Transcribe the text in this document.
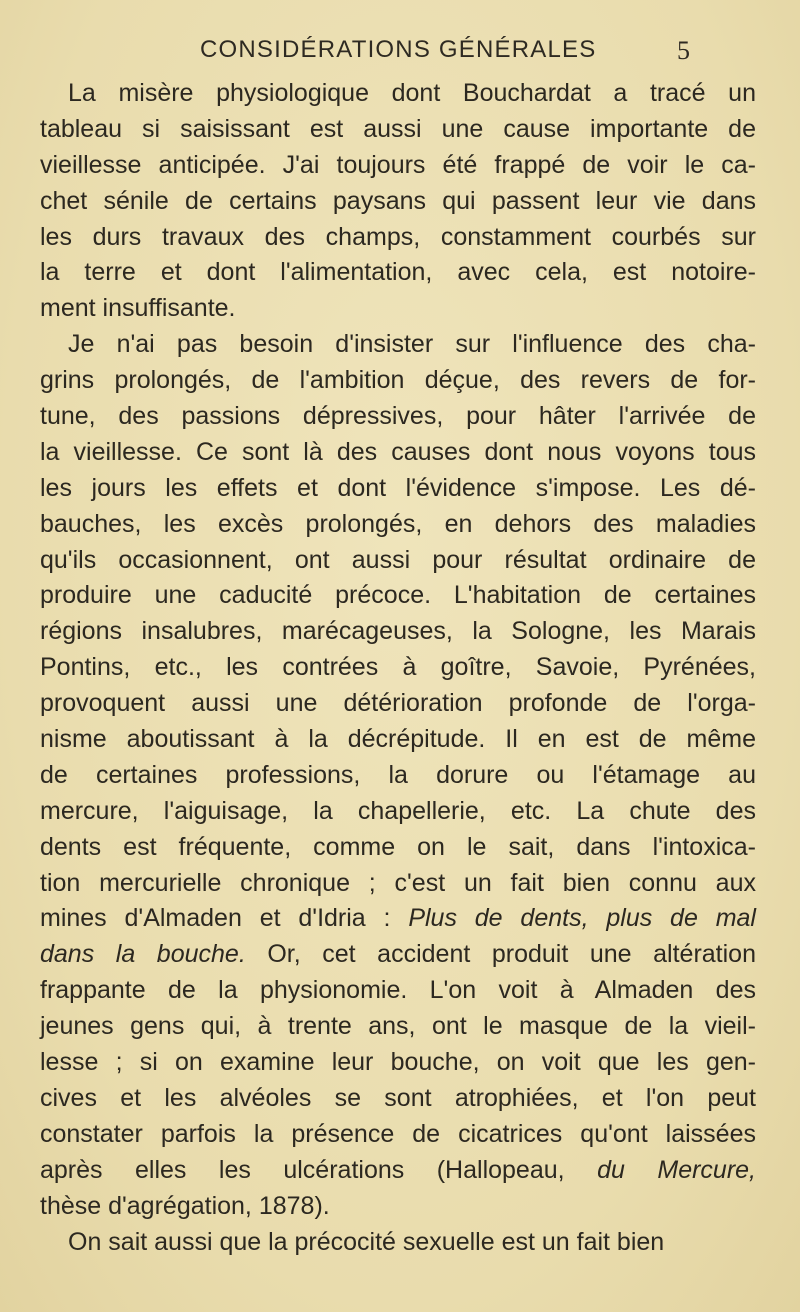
CONSIDÉRATIONS GÉNÉRALES	5
La misère physiologique dont Bouchardat a tracé un
tableau si saisissant est aussi une cause importante de
vieillesse anticipée. J'ai toujours été frappé de voir le ca-
chet sénile de certains paysans qui passent leur vie dans
les durs travaux des champs, constamment courbés sur
la terre et dont l'alimentation, avec cela, est notoire-
ment insuffisante.
Je n'ai pas besoin d'insister sur l'influence des cha-
grins prolongés, de l'ambition déçue, des revers de for-
tune, des passions dépressives, pour hâter l'arrivée de
la vieillesse. Ce sont là des causes dont nous voyons tous
les jours les effets et dont l'évidence s'impose. Les dé-
bauches, les excès prolongés, en dehors des maladies
qu'ils occasionnent, ont aussi pour résultat ordinaire de
produire une caducité précoce. L'habitation de certaines
régions insalubres, marécageuses, la Sologne, les Marais
Pontins, etc., les contrées à goître, Savoie, Pyrénées,
provoquent aussi une détérioration profonde de l'orga-
nisme aboutissant à la décrépitude. Il en est de même
de certaines professions, la dorure ou l'étamage au
mercure, l'aiguisage, la chapellerie, etc. La chute des
dents est fréquente, comme on le sait, dans l'intoxica-
tion mercurielle chronique ; c'est un fait bien connu aux
mines d'Almaden et d'Idria : Plus de dents, plus de mal
dans la bouche. Or, cet accident produit une altération
frappante de la physionomie. L'on voit à Almaden des
jeunes gens qui, à trente ans, ont le masque de la vieil-
lesse ; si on examine leur bouche, on voit que les gen-
cives et les alvéoles se sont atrophiées, et l'on peut
constater parfois la présence de cicatrices qu'ont laissées
après elles les ulcérations (Hallopeau, du Mercure,
thèse d'agrégation, 1878).
On sait aussi que la précocité sexuelle est un fait bien
